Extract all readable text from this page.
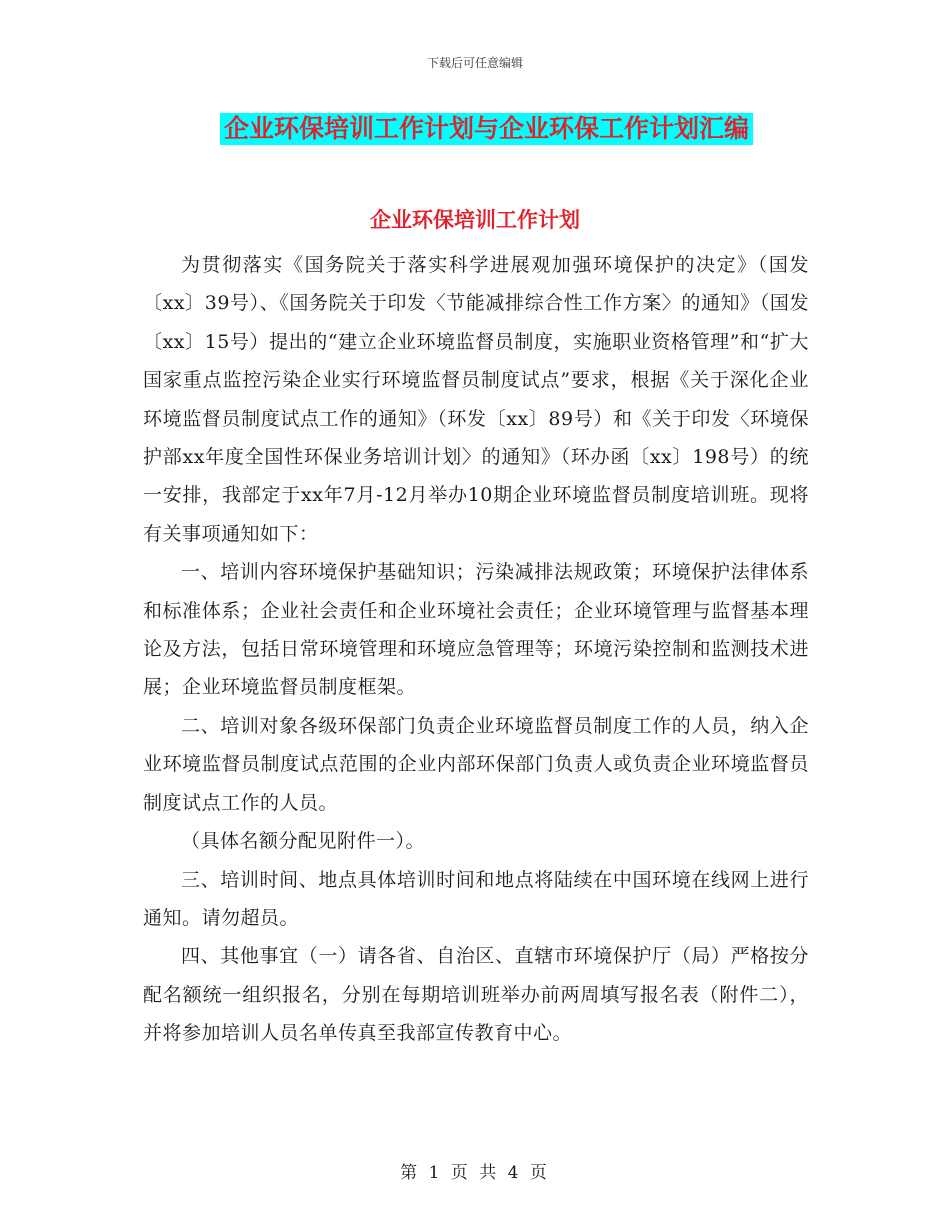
下载后可任意编辑
企业环保培训工作计划与企业环保工作计划汇编
企业环保培训工作计划

为贯彻落实《国务院关于落实科学进展观加强环境保护的决定》（国发〔xx〕39号）、《国务院关于印发〈节能减排综合性工作方案〉的通知》（国发〔xx〕15号）提出的“建立企业环境监督员制度，实施职业资格管理”和“扩大国家重点监控污染企业实行环境监督员制度试点”要求，根据《关于深化企业环境监督员制度试点工作的通知》（环发〔xx〕89号）和《关于印发〈环境保护部xx年度全国性环保业务培训计划〉的通知》（环办函〔xx〕198号）的统一安排，我部定于xx年7月-12月举办10期企业环境监督员制度培训班。现将有关事项通知如下：

一、培训内容环境保护基础知识；污染减排法规政策；环境保护法律体系和标准体系；企业社会责任和企业环境社会责任；企业环境管理与监督基本理论及方法，包括日常环境管理和环境应急管理等；环境污染控制和监测技术进展；企业环境监督员制度框架。

二、培训对象各级环保部门负责企业环境监督员制度工作的人员，纳入企业环境监督员制度试点范围的企业内部环保部门负责人或负责企业环境监督员制度试点工作的人员。

（具体名额分配见附件一）。

三、培训时间、地点具体培训时间和地点将陆续在中国环境在线网上进行通知。请勿超员。

四、其他事宜（一）请各省、自治区、直辖市环境保护厅（局）严格按分配名额统一组织报名，分别在每期培训班举办前两周填写报名表（附件二），并将参加培训人员名单传真至我部宣传教育中心。

第 1 页 共 4 页
